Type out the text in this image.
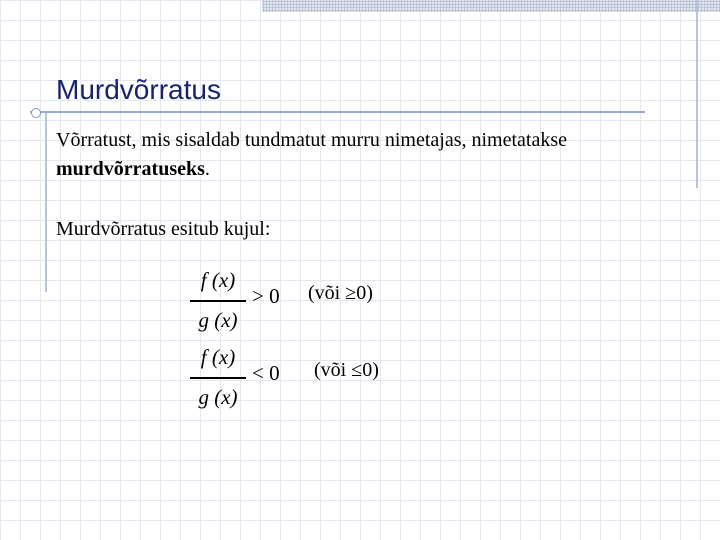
Murdvõrratus
Võrratust, mis sisaldab tundmatut murru nimetajas, nimetatakse murdvõrratuseks.
Murdvõrratus esitub kujul:
f (x)
g (x)
> 0 (või ≥0)
f (x)
g (x)
< 0 (või ≤0)
